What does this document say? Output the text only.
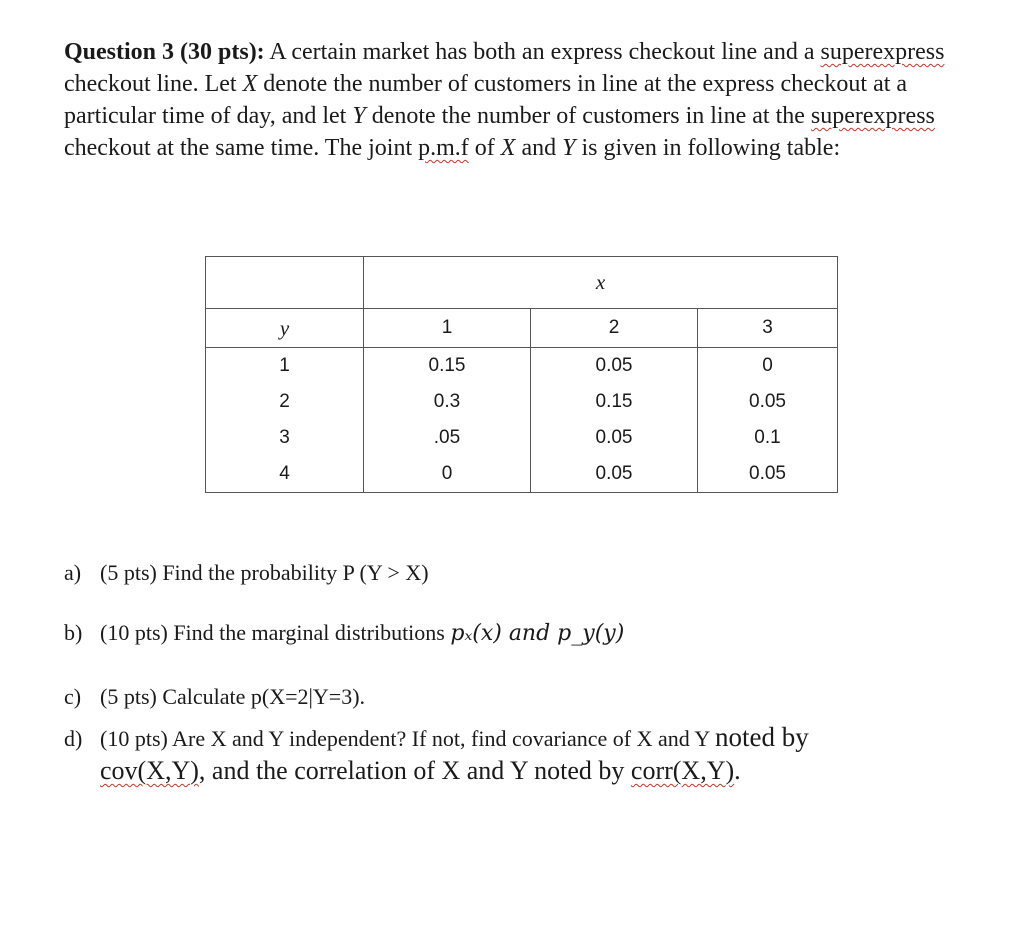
Question 3 (30 pts): A certain market has both an express checkout line and a superexpress checkout line. Let X denote the number of customers in line at the express checkout at a particular time of day, and let Y denote the number of customers in line at the superexpress checkout at the same time. The joint p.m.f of X and Y is given in following table:

	x		
y	1	2	3
1	0.15	0.05	0
2	0.3	0.15	0.05
3	.05	0.05	0.1
4	0	0.05	0.05
a) (5 pts) Find the probability P (Y > X)
b) (10 pts) Find the marginal distributions pₓ(x) and p_y(y)
c) (5 pts) Calculate p(X=2|Y=3).
d) (10 pts) Are X and Y independent? If not, find covariance of X and Y noted by
cov(X,Y), and the correlation of X and Y noted by corr(X,Y).
